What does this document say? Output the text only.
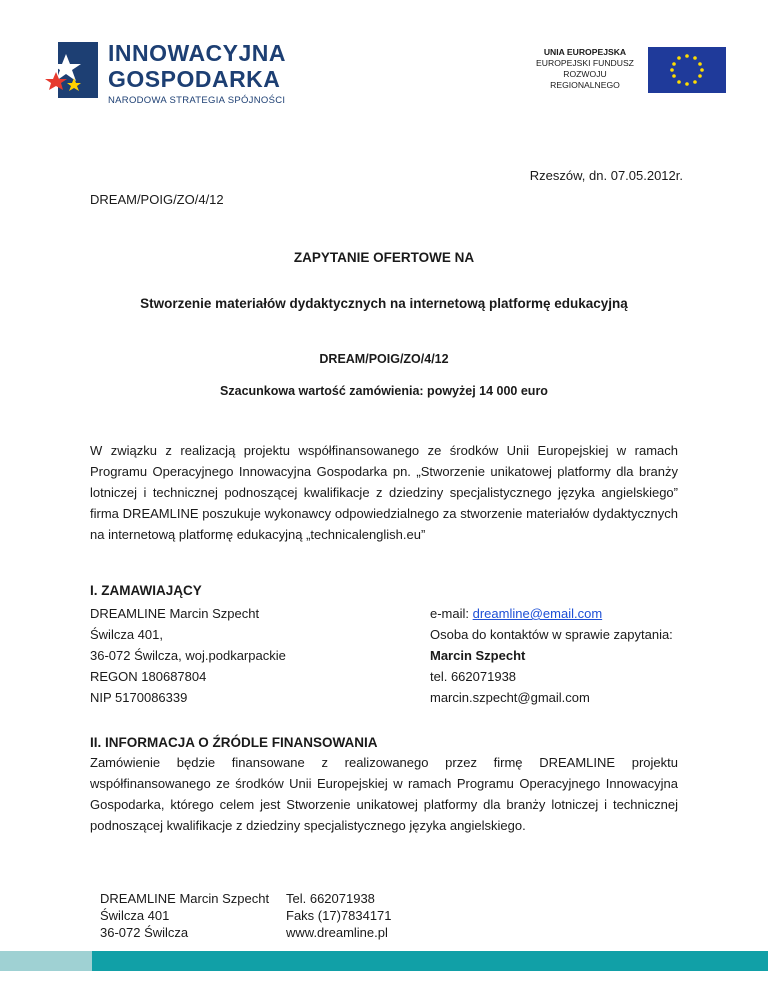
INNOWACYJNA
GOSPODARKA
NARODOWA STRATEGIA SPÓJNOŚCI
UNIA EUROPEJSKA
EUROPEJSKI FUNDUSZ
ROZWOJU REGIONALNEGO
Rzeszów, dn. 07.05.2012r.
DREAM/POIG/ZO/4/12
ZAPYTANIE OFERTOWE NA
Stworzenie materiałów dydaktycznych na internetową platformę edukacyjną
DREAM/POIG/ZO/4/12
Szacunkowa wartość zamówienia: powyżej 14 000 euro
W związku z realizacją projektu współfinansowanego ze środków Unii Europejskiej w ramach Programu Operacyjnego Innowacyjna Gospodarka pn. „Stworzenie unikatowej platformy dla branży lotniczej i technicznej podnoszącej kwalifikacje z dziedziny specjalistycznego języka angielskiego” firma DREAMLINE poszukuje wykonawcy odpowiedzialnego za stworzenie materiałów dydaktycznych na internetową platformę edukacyjną „technicalenglish.eu”
I. ZAMAWIAJĄCY
DREAMLINE Marcin Szpecht
Świlcza 401,
36-072 Świlcza, woj.podkarpackie
REGON 180687804
NIP 5170086339
e-mail: dreamline@email.com
Osoba do kontaktów w sprawie zapytania:
Marcin Szpecht
tel. 662071938
marcin.szpecht@gmail.com
II. INFORMACJA O ŹRÓDLE FINANSOWANIA
Zamówienie będzie finansowane z realizowanego przez firmę DREAMLINE projektu współfinansowanego ze środków Unii Europejskiej w ramach Programu Operacyjnego Innowacyjna Gospodarka, którego celem jest Stworzenie unikatowej platformy dla branży lotniczej i technicznej podnoszącej kwalifikacje z dziedziny specjalistycznego języka angielskiego.
DREAMLINE Marcin Szpecht
Świlcza 401
36-072 Świlcza
Tel. 662071938
Faks (17)7834171
www.dreamline.pl
